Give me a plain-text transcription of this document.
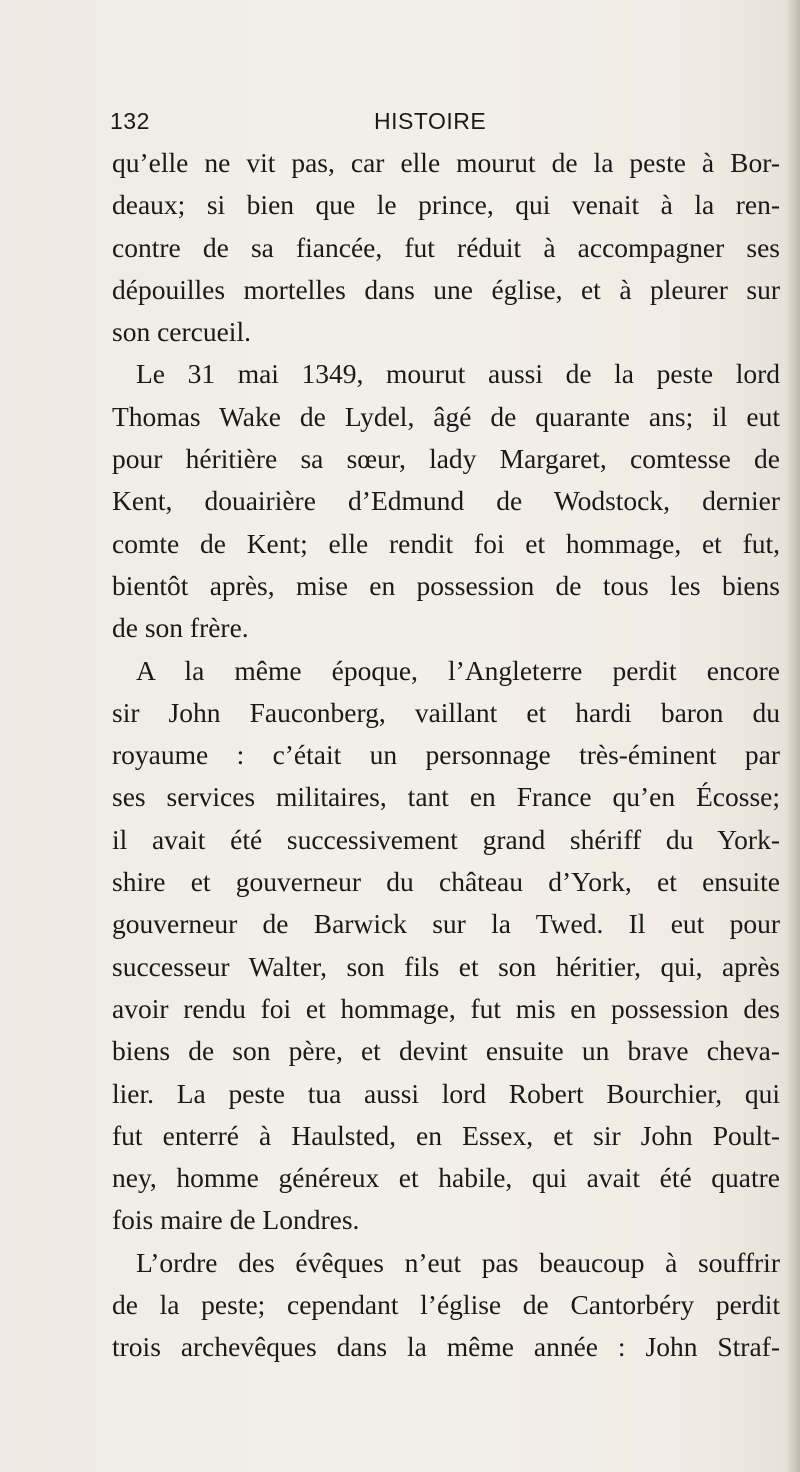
132	HISTOIRE
qu’elle ne vit pas, car elle mourut de la peste à Bor-
deaux; si bien que le prince, qui venait à la ren-
contre de sa fiancée, fut réduit à accompagner ses
dépouilles mortelles dans une église, et à pleurer sur
son cercueil.
Le 31 mai 1349, mourut aussi de la peste lord
Thomas Wake de Lydel, âgé de quarante ans; il eut
pour héritière sa sœur, lady Margaret, comtesse de
Kent, douairière d’Edmund de Wodstock, dernier
comte de Kent; elle rendit foi et hommage, et fut,
bientôt après, mise en possession de tous les biens
de son frère.
A la même époque, l’Angleterre perdit encore
sir John Fauconberg, vaillant et hardi baron du
royaume : c’était un personnage très-éminent par
ses services militaires, tant en France qu’en Écosse;
il avait été successivement grand shériff du York-
shire et gouverneur du château d’York, et ensuite
gouverneur de Barwick sur la Twed. Il eut pour
successeur Walter, son fils et son héritier, qui, après
avoir rendu foi et hommage, fut mis en possession des
biens de son père, et devint ensuite un brave cheva-
lier. La peste tua aussi lord Robert Bourchier, qui
fut enterré à Haulsted, en Essex, et sir John Poult-
ney, homme généreux et habile, qui avait été quatre
fois maire de Londres.
L’ordre des évêques n’eut pas beaucoup à souffrir
de la peste; cependant l’église de Cantorbéry perdit
trois archevêques dans la même année : John Straf-
